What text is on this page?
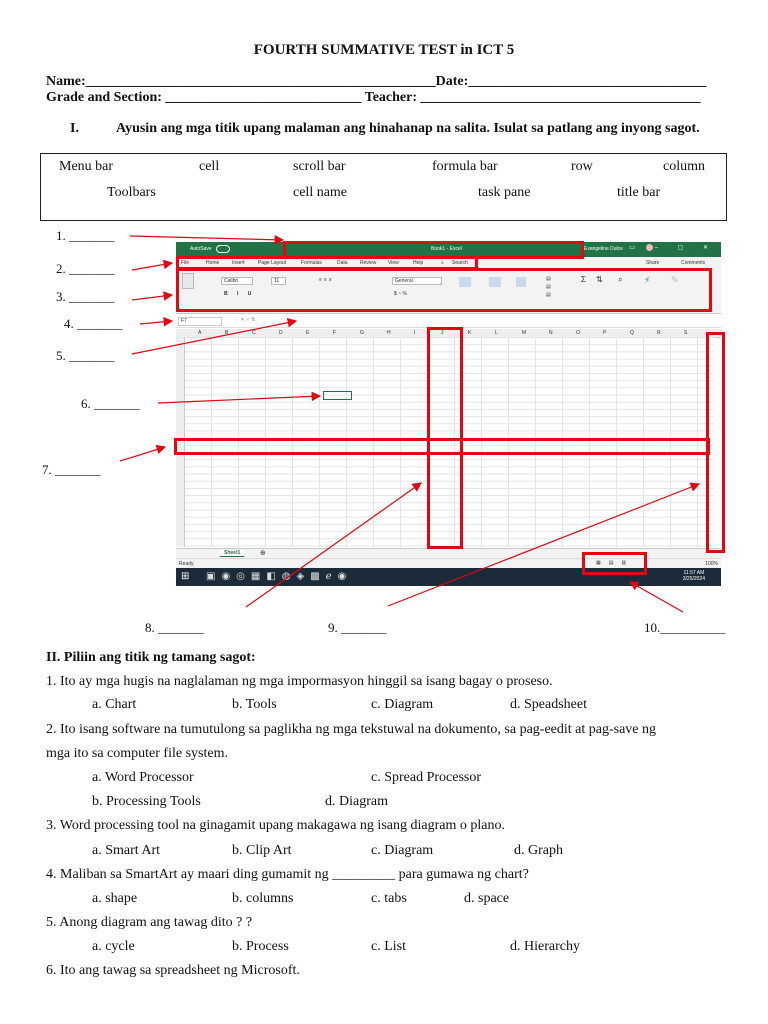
FOURTH SUMMATIVE TEST in ICT 5
Name:__________________________________________________Date:__________________________________
Grade and Section: ____________________________ Teacher: ________________________________________
I.	Ayusin ang mga titik upang malaman ang hinahanap na salita. Isulat sa patlang ang inyong sagot.
Menu bar	cell	scroll bar	formula bar	row	column
Toolbars	cell name	task pane	title bar
1. _______
2. _______
3. _______
4. _______
5. _______
6. _______
7. _______
8. _______	9. _______	10.__________
AutoSave	Book1 - Excel	Evangeline Dulce ▭ – ▢ ✕
File	Home	Insert	Page Layout	Formulas	Data Review View	Help	⌕ Search	Share	Comments
Calibri	11
B I U
≡≡≡	General
$ ~ %
▤
▤
▤
Σ ⇅ ⌕ ⚡ ✎
F7	⋮ ✕ ✓ fx
A	B	C	D	E	F	G	H	I	J	K	L	M	N	O	P	Q	R	S
Sheet1	⊕
Ready	▦▤▥	100%
⊞ ▣◉◎▦◧◍◈▩ℯ◉	11:57 AM
3/25/2024
II. Piliin ang titik ng tamang sagot:
1. Ito ay mga hugis na naglalaman ng mga impormasyon hinggil sa isang bagay o proseso.
a. Chart	b. Tools	c. Diagram	d. Speadsheet
2. Ito isang software na tumutulong sa paglikha ng mga tekstuwal na dokumento, sa pag-eedit at pag-save ng
mga ito sa computer file system.
a. Word Processor	c. Spread Processor
b. Processing Tools	d. Diagram
3. Word processing tool na ginagamit upang makagawa ng isang diagram o plano.
a. Smart Art	b. Clip Art	c. Diagram	d. Graph
4. Maliban sa SmartArt ay maari ding gumamit ng _________ para gumawa ng chart?
a. shape	b. columns	c. tabs	d. space
5. Anong diagram ang tawag dito ? ?
a. cycle	b. Process	c. List	d. Hierarchy
6. Ito ang tawag sa spreadsheet ng Microsoft.
